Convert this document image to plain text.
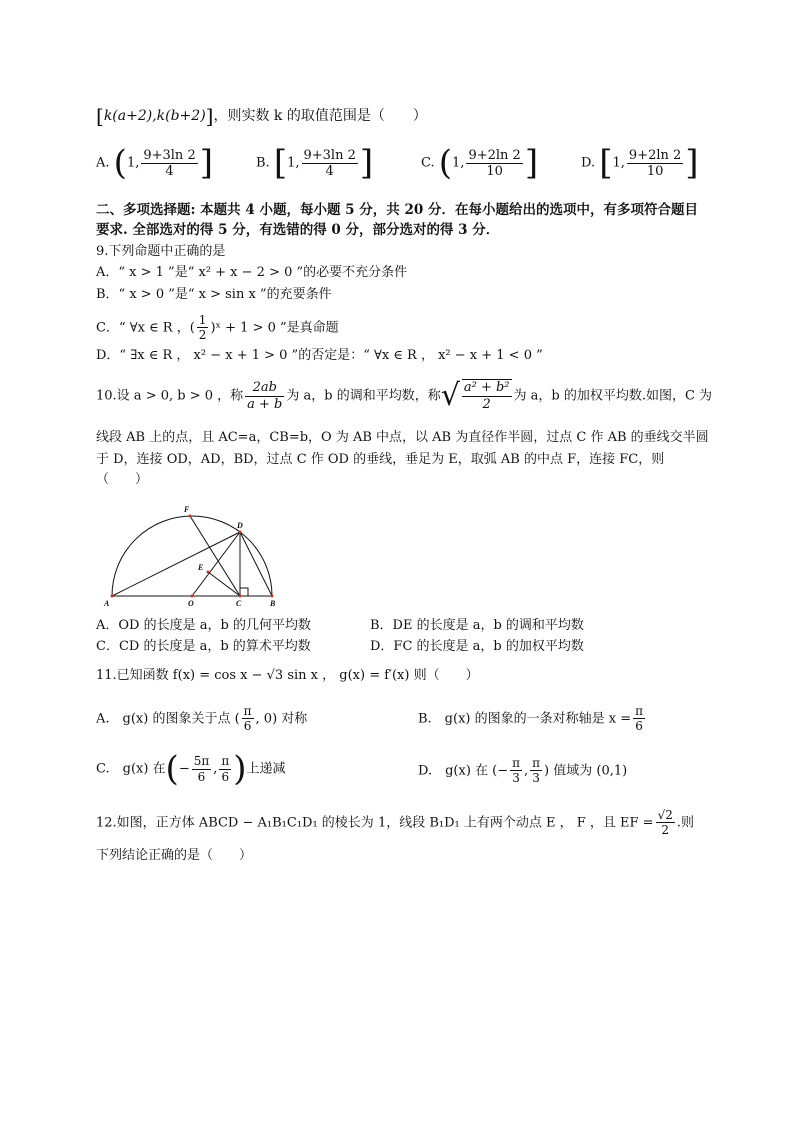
[k(a+2),k(b+2)]，则实数 k 的取值范围是（　　）
A. (1, $\frac{9+3\ln 2}{4}$ ]	B. [1, $\frac{9+3\ln 2}{4}$ ]	C. (1, $\frac{9+2\ln 2}{10}$ ]	D. [1, $\frac{9+2\ln 2}{10}$ ]
二、多项选择题: 本题共 4 小题，每小题 5 分，共 20 分．在每小题给出的选项中，有多项符合题目
要求. 全部选对的得 5 分，有选错的得 0 分，部分选对的得 3 分．
9.下列命题中正确的是
A．“ x > 1 ”是“ x² + x − 2 > 0 ”的必要不充分条件
B．“ x > 0 ”是“ x > sin x ”的充要条件
C．“ ∀x ∈ R ，( $\frac{1}{2}$ )ˣ + 1 > 0 ”是真命题
D．“ ∃x ∈ R ， x² − x + 1 > 0 ”的否定是：“ ∀x ∈ R ， x² − x + 1 < 0 ”
10.设 a > 0, b > 0 ，称 $\frac{2ab}{a + b}$ 为 a，b 的调和平均数，称√ $\frac{\text{a² + b²}}{2}$ 为 a，b 的加权平均数.如图，C 为
线段 AB 上的点，且 AC=a，CB=b，O 为 AB 中点，以 AB 为直径作半圆，过点 C 作 AB 的垂线交半圆
于 D，连接 OD，AD，BD，过点 C 作 OD 的垂线，垂足为 E，取弧 AB 的中点 F，连接 FC，则
（　　）
F
D
E
A	O	C	B
A．OD 的长度是 a，b 的几何平均数	B．DE 的长度是 a，b 的调和平均数
C．CD 的长度是 a，b 的算术平均数	D．FC 的长度是 a，b 的加权平均数
11.已知函数 f(x) = cos x − √3 sin x ， g(x) = f′(x) 则（　　）
A.　g(x) 的图象关于点 ( $\frac{\pi}{6}$ , 0) 对称	B.　g(x) 的图象的一条对称轴是 $x = \frac{\pi}{6}$
C.　g(x) 在(− $\frac{5\pi}{6}$ , $\frac{\pi}{6}$ )上递减	D.　g(x) 在 (− $\frac{\pi}{3}$ , $\frac{\pi}{3}$ ) 值域为 (0,1)
12.如图，正方体 ABCD − A₁B₁C₁D₁ 的棱长为 1，线段 B₁D₁ 上有两个动点 E ， F ，且 EF = $\frac{√2}{2}$ .则
下列结论正确的是（　　）
